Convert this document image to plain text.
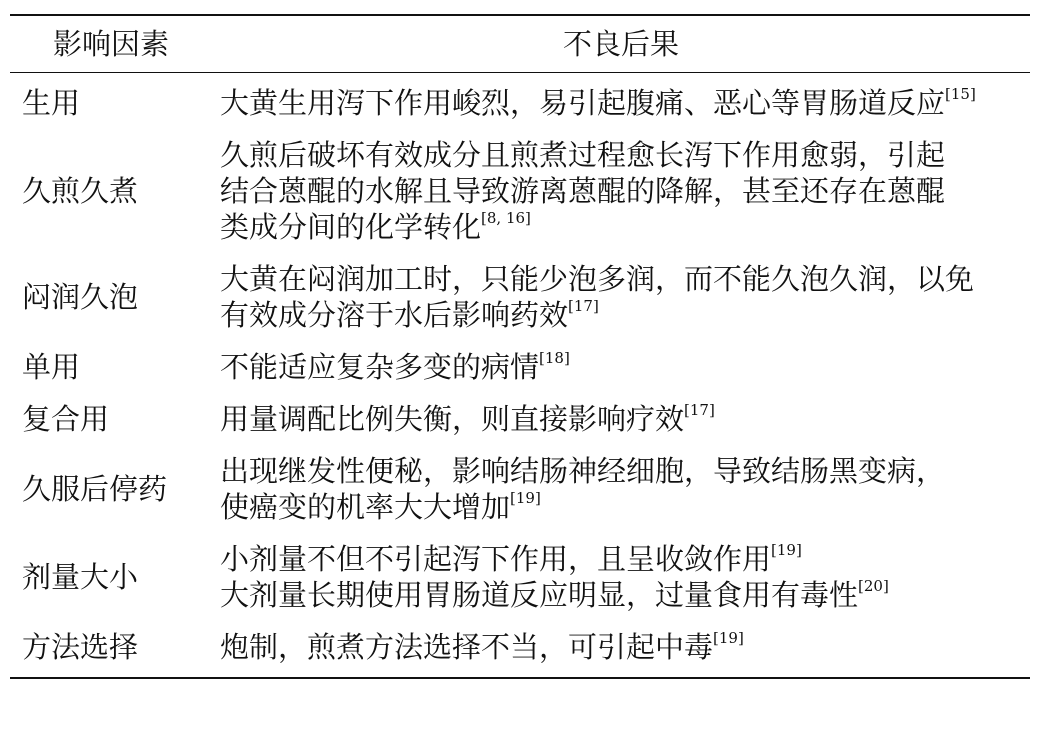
影响因素	不良后果
生用	大黄生用泻下作用峻烈，易引起腹痛、恶心等胃肠道反应[15]

久煎久煮	久煎后破坏有效成分且煎煮过程愈长泻下作用愈弱，引起
结合蒽醌的水解且导致游离蒽醌的降解，甚至还存在蒽醌
类成分间的化学转化[8, 16]

闷润久泡	大黄在闷润加工时，只能少泡多润，而不能久泡久润，以免
有效成分溶于水后影响药效[17]

单用	不能适应复杂多变的病情[18]

复合用	用量调配比例失衡，则直接影响疗效[17]

久服后停药	出现继发性便秘，影响结肠神经细胞，导致结肠黑变病，
使癌变的机率大大增加[19]

剂量大小	小剂量不但不引起泻下作用，且呈收敛作用[19]
大剂量长期使用胃肠道反应明显，过量食用有毒性[20]

方法选择	炮制，煎煮方法选择不当，可引起中毒[19]
